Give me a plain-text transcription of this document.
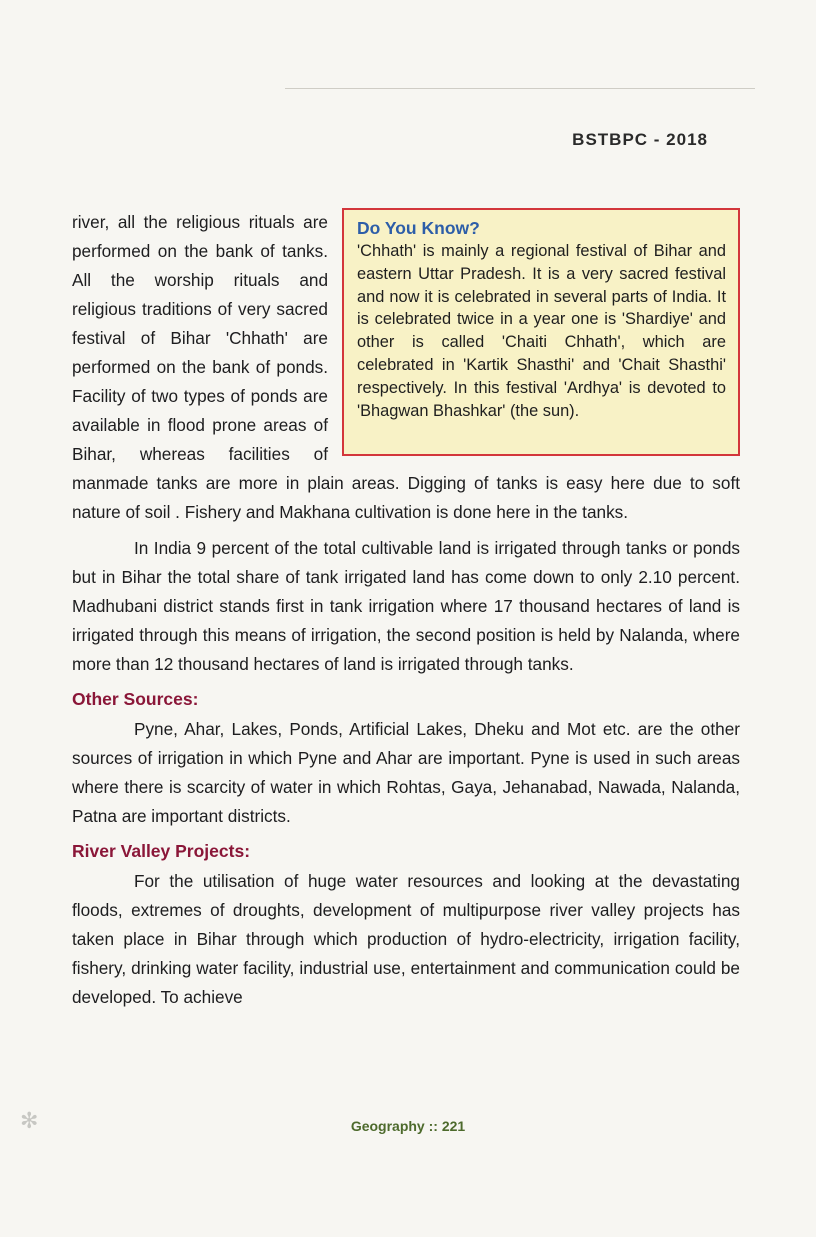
BSTBPC - 2018
Do You Know?

'Chhath' is mainly a regional festival of Bihar and eastern Uttar Pradesh. It is a very sacred festival and now it is celebrated in several parts of India. It is celebrated twice in a year one is 'Shardiye' and other is called 'Chaiti Chhath', which are celebrated in 'Kartik Shasthi' and 'Chait Shasthi' respectively. In this festival 'Ardhya' is devoted to 'Bhagwan Bhashkar' (the sun).

river, all the religious rituals are performed on the bank of tanks. All the worship rituals and religious traditions of very sacred festival of Bihar 'Chhath' are performed on the bank of ponds. Facility of two types of ponds are available in flood prone areas of Bihar, whereas facilities of manmade tanks are more in plain areas. Digging of tanks is easy here due to soft nature of soil . Fishery and Makhana cultivation is done here in the tanks.

In India 9 percent of the total cultivable land is irrigated through tanks or ponds but in Bihar the total share of tank irrigated land has come down to only 2.10 percent. Madhubani district stands first in tank irrigation where 17 thousand hectares of land is irrigated through this means of irrigation, the second position is held by Nalanda, where more than 12 thousand hectares of land is irrigated through tanks.

Other Sources:

Pyne, Ahar, Lakes, Ponds, Artificial Lakes, Dheku and Mot etc. are the other sources of irrigation in which Pyne and Ahar are important. Pyne is used in such areas where there is scarcity of water in which Rohtas, Gaya, Jehanabad, Nawada, Nalanda, Patna are important districts.

River Valley Projects:

For the utilisation of huge water resources and looking at the devastating floods, extremes of droughts, development of multipurpose river valley projects has taken place in Bihar through which production of hydro-electricity, irrigation facility, fishery, drinking water facility, industrial use, entertainment and communication could be developed. To achieve

✻	Geography :: 221
